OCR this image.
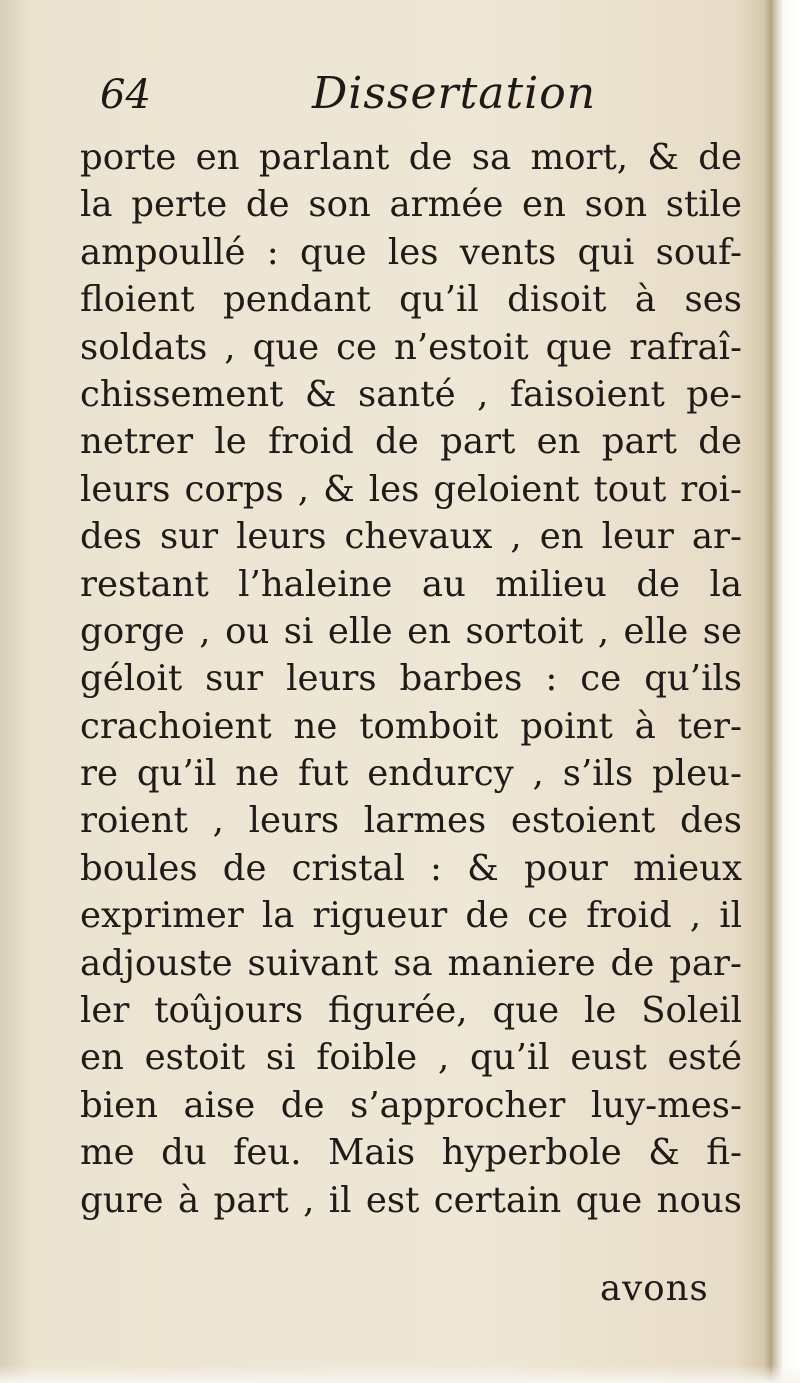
64	Dissertation
porte en parlant de sa mort, & de
la perte de son armée en son stile
ampoullé : que les vents qui souf-
floient pendant qu’il disoit à ses
soldats , que ce n’estoit que rafraî-
chissement & santé , faisoient pe-
netrer le froid de part en part de
leurs corps , & les geloient tout roi-
des sur leurs chevaux , en leur ar-
restant l’haleine au milieu de la
gorge , ou si elle en sortoit , elle se
géloit sur leurs barbes : ce qu’ils
crachoient ne tomboit point à ter-
re qu’il ne fut endurcy , s’ils pleu-
roient , leurs larmes estoient des
boules de cristal : & pour mieux
exprimer la rigueur de ce froid , il
adjouste suivant sa maniere de par-
ler toûjours figurée, que le Soleil
en estoit si foible , qu’il eust esté
bien aise de s’approcher luy-mes-
me du feu. Mais hyperbole & fi-
gure à part , il est certain que nous
avons
